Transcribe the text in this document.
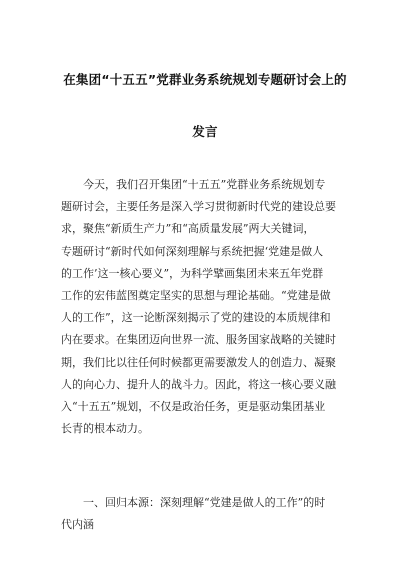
在集团“十五五”党群业务系统规划专题研讨会上的
发言
　　今天，我们召开集团“十五五”党群业务系统规划专
题研讨会，主要任务是深入学习贯彻新时代党的建设总要
求，聚焦“新质生产力”和“高质量发展”两大关键词，
专题研讨“新时代如何深刻理解与系统把握‘党建是做人
的工作’这一核心要义”，为科学擘画集团未来五年党群
工作的宏伟蓝图奠定坚实的思想与理论基础。“党建是做
人的工作”，这一论断深刻揭示了党的建设的本质规律和
内在要求。在集团迈向世界一流、服务国家战略的关键时
期，我们比以往任何时候都更需要激发人的创造力、凝聚
人的向心力、提升人的战斗力。因此，将这一核心要义融
入“十五五”规划，不仅是政治任务，更是驱动集团基业
长青的根本动力。
　　一、回归本源：深刻理解“党建是做人的工作”的时
代内涵
